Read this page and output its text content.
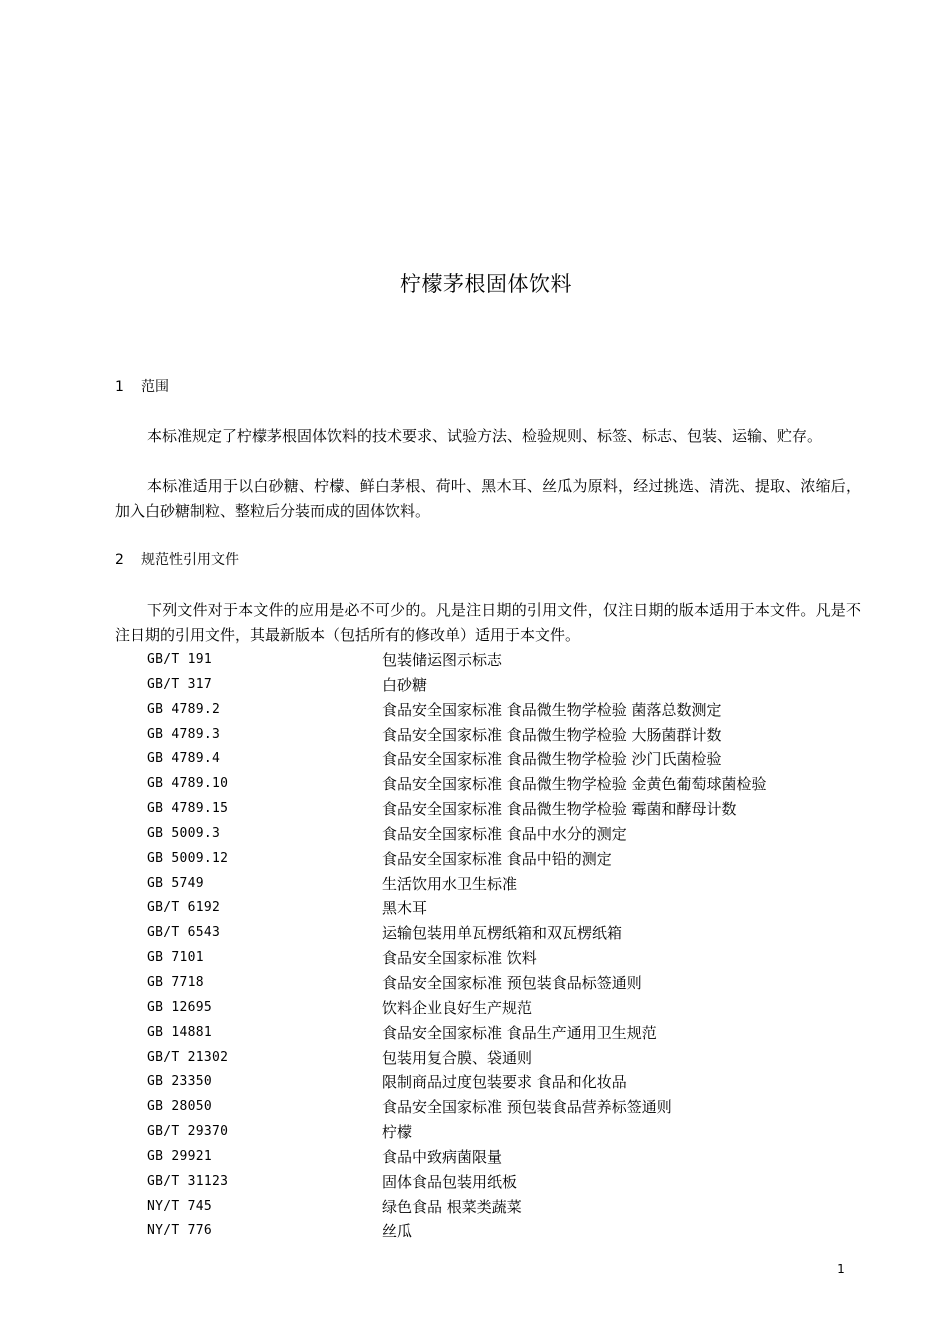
柠檬茅根固体饮料
1 范围

本标准规定了柠檬茅根固体饮料的技术要求、试验方法、检验规则、标签、标志、包装、运输、贮存。

本标准适用于以白砂糖、柠檬、鲜白茅根、荷叶、黑木耳、丝瓜为原料，经过挑选、清洗、提取、浓缩后，加入白砂糖制粒、整粒后分装而成的固体饮料。

2 规范性引用文件

下列文件对于本文件的应用是必不可少的。凡是注日期的引用文件，仅注日期的版本适用于本文件。凡是不注日期的引用文件，其最新版本（包括所有的修改单）适用于本文件。

GB/T 191	包装储运图示标志
GB/T 317	白砂糖
GB 4789.2	食品安全国家标准 食品微生物学检验 菌落总数测定
GB 4789.3	食品安全国家标准 食品微生物学检验 大肠菌群计数
GB 4789.4	食品安全国家标准 食品微生物学检验 沙门氏菌检验
GB 4789.10	食品安全国家标准 食品微生物学检验 金黄色葡萄球菌检验
GB 4789.15	食品安全国家标准 食品微生物学检验 霉菌和酵母计数
GB 5009.3	食品安全国家标准 食品中水分的测定
GB 5009.12	食品安全国家标准 食品中铅的测定
GB 5749	生活饮用水卫生标准
GB/T 6192	黑木耳
GB/T 6543	运输包装用单瓦楞纸箱和双瓦楞纸箱
GB 7101	食品安全国家标准 饮料
GB 7718	食品安全国家标准 预包装食品标签通则
GB 12695	饮料企业良好生产规范
GB 14881	食品安全国家标准 食品生产通用卫生规范
GB/T 21302	包装用复合膜、袋通则
GB 23350	限制商品过度包装要求 食品和化妆品
GB 28050	食品安全国家标准 预包装食品营养标签通则
GB/T 29370	柠檬
GB 29921	食品中致病菌限量
GB/T 31123	固体食品包装用纸板
NY/T 745	绿色食品 根菜类蔬菜
NY/T 776	丝瓜
1
